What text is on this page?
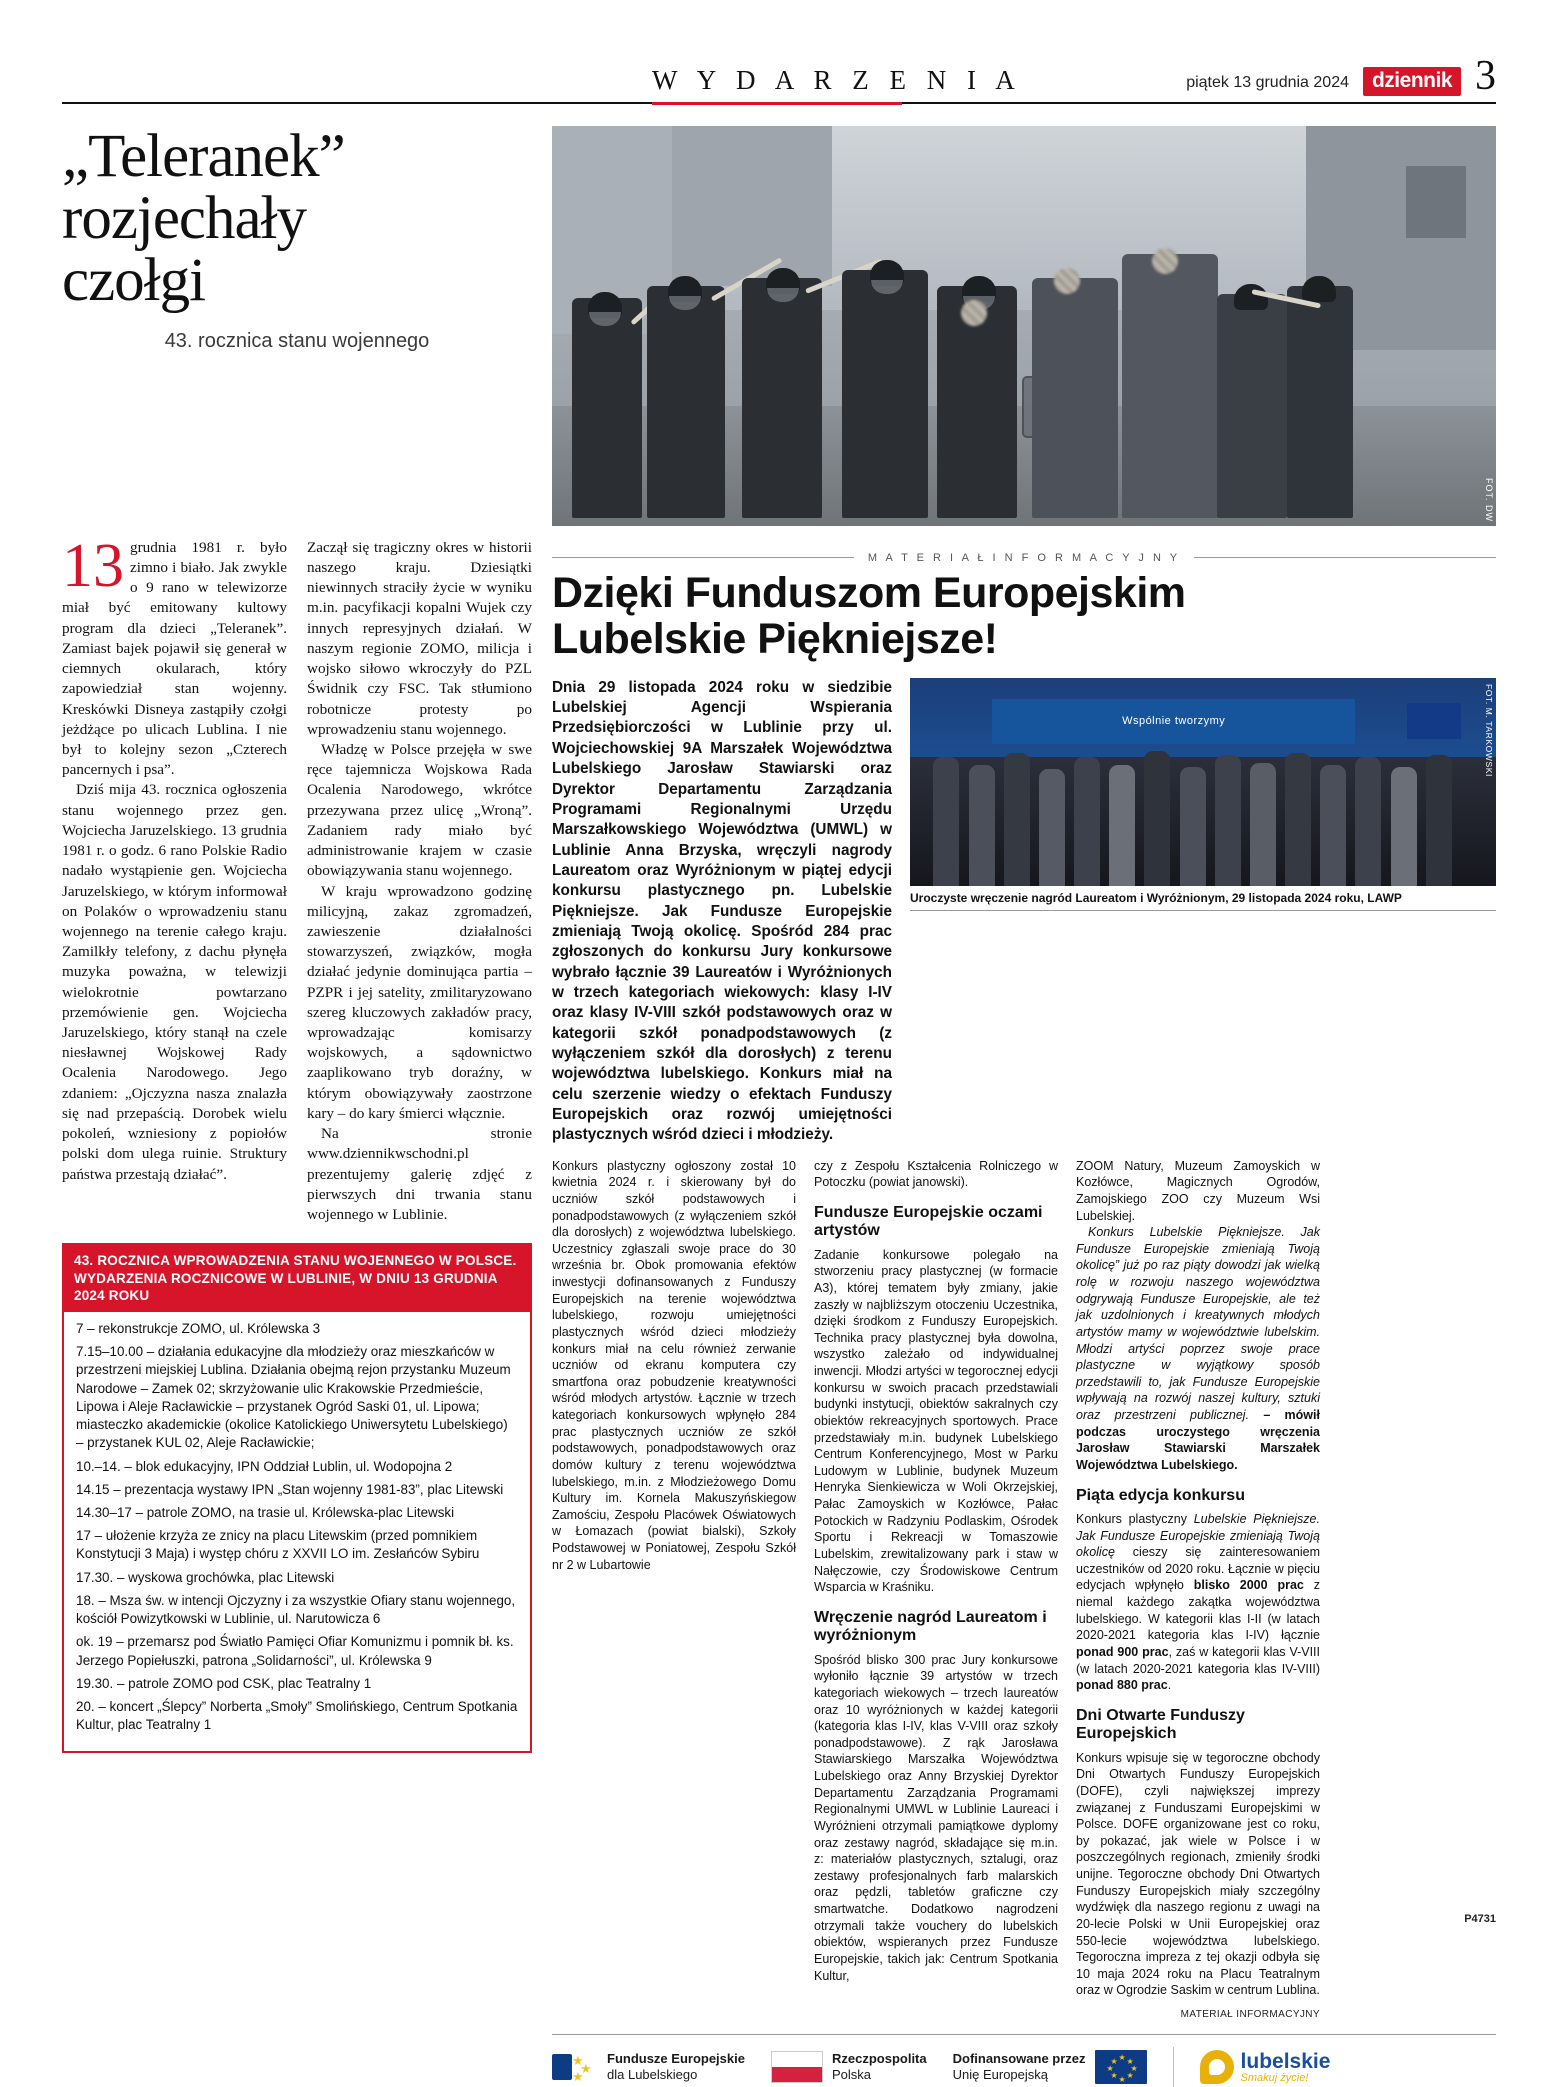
W Y D A R Z E N I A	piątek 13 grudnia 2024	dziennik 3
„Teleranek”
rozjechały
czołgi

43. rocznica stanu wojennego

FOT. DW

13 grudnia 1981 r. było zimno i biało. Jak zwykle o 9 rano w telewizorze miał być emitowany kultowy program dla dzieci „Teleranek”. Zamiast bajek pojawił się generał w ciemnych okularach, który zapowiedział stan wojenny. Kreskówki Disneya zastąpiły czołgi jeżdżące po ulicach Lublina. I nie był to kolejny sezon „Czterech pancernych i psa”.

Dziś mija 43. rocznica ogłoszenia stanu wojennego przez gen. Wojciecha Jaruzelskiego. 13 grudnia 1981 r. o godz. 6 rano Polskie Radio nadało wystąpienie gen. Wojciecha Jaruzelskiego, w którym informował on Polaków o wprowadzeniu stanu wojennego na terenie całego kraju. Zamilkły telefony, z dachu płynęła muzyka poważna, w telewizji wielokrotnie powtarzano przemówienie gen. Wojciecha Jaruzelskiego, który stanął na czele niesławnej Wojskowej Rady Ocalenia Narodowego. Jego zdaniem: „Ojczyzna nasza znalazła się nad przepaścią. Dorobek wielu pokoleń, wzniesiony z popiołów polski dom ulega ruinie. Struktury państwa przestają działać”.

Zaczął się tragiczny okres w historii naszego kraju. Dziesiątki niewinnych straciły życie w wyniku m.in. pacyfikacji kopalni Wujek czy innych represyjnych działań. W naszym regionie ZOMO, milicja i wojsko siłowo wkroczyły do PZL Świdnik czy FSC. Tak stłumiono robotnicze protesty po wprowadzeniu stanu wojennego.

Władzę w Polsce przejęła w swe ręce tajemnicza Wojskowa Rada Ocalenia Narodowego, wkrótce przezywana przez ulicę „Wroną”. Zadaniem rady miało być administrowanie krajem w czasie obowiązywania stanu wojennego.

W kraju wprowadzono godzinę milicyjną, zakaz zgromadzeń, zawieszenie działalności stowarzyszeń, związków, mogła działać jedynie dominująca partia – PZPR i jej satelity, zmilitaryzowano szereg kluczowych zakładów pracy, wprowadzając komisarzy wojskowych, a sądownictwo zaaplikowano tryb doraźny, w którym obowiązywały zaostrzone kary – do kary śmierci włącznie.

Na stronie www.dziennikwschodni.pl prezentujemy galerię zdjęć z pierwszych dni trwania stanu wojennego w Lublinie.

43. ROCZNICA WPROWADZENIA STANU WOJENNEGO W POLSCE. WYDARZENIA ROCZNICOWE W LUBLINIE, W DNIU 13 GRUDNIA 2024 ROKU
7 – rekonstrukcje ZOMO, ul. Królewska 3
7.15–10.00 – działania edukacyjne dla młodzieży oraz mieszkańców w przestrzeni miejskiej Lublina. Działania obejmą rejon przystanku Muzeum Narodowe – Zamek 02; skrzyżowanie ulic Krakowskie Przedmieście, Lipowa i Aleje Racławickie – przystanek Ogród Saski 01, ul. Lipowa; miasteczko akademickie (okolice Katolickiego Uniwersytetu Lubelskiego) – przystanek KUL 02, Aleje Racławickie;
10.–14. – blok edukacyjny, IPN Oddział Lublin, ul. Wodopojna 2
14.15 – prezentacja wystawy IPN „Stan wojenny 1981-83”, plac Litewski
14.30–17 – patrole ZOMO, na trasie ul. Królewska-plac Litewski
17 – ułożenie krzyża ze znicy na placu Litewskim (przed pomnikiem Konstytucji 3 Maja) i występ chóru z XXVII LO im. Zesłańców Sybiru
17.30. – wyskowa grochówka, plac Litewski
18. – Msza św. w intencji Ojczyzny i za wszystkie Ofiary stanu wojennego, kościół Powizytkowski w Lublinie, ul. Narutowicza 6
ok. 19 – przemarsz pod Światło Pamięci Ofiar Komunizmu i pomnik bł. ks. Jerzego Popiełuszki, patrona „Solidarności”, ul. Królewska 9
19.30. – patrole ZOMO pod CSK, plac Teatralny 1
20. – koncert „Ślepcy” Norberta „Smoły” Smolińskiego, Centrum Spotkania Kultur, plac Teatralny 1
M A T E R I A Ł I N F O R M A C Y J N Y
Dzięki Funduszom Europejskim
Lubelskie Piękniejsze!
Dnia 29 listopada 2024 roku w siedzibie Lubelskiej Agencji Wspierania Przedsiębiorczości w Lublinie przy ul. Wojciechowskiej 9A Marszałek Województwa Lubelskiego Jarosław Stawiarski oraz Dyrektor Departamentu Zarządzania Programami Regionalnymi Urzędu Marszałkowskiego Województwa (UMWL) w Lublinie Anna Brzyska, wręczyli nagrody Laureatom oraz Wyróżnionym w piątej edycji konkursu plastycznego pn. Lubelskie Piękniejsze. Jak Fundusze Europejskie zmieniają Twoją okolicę. Spośród 284 prac zgłoszonych do konkursu Jury konkursowe wybrało łącznie 39 Laureatów i Wyróżnionych w trzech kategoriach wiekowych: klasy I-IV oraz klasy IV-VIII szkół podstawowych oraz w kategorii szkół ponadpodstawowych (z wyłączeniem szkół dla dorosłych) z terenu województwa lubelskiego. Konkurs miał na celu szerzenie wiedzy o efektach Funduszy Europejskich oraz rozwój umiejętności plastycznych wśród dzieci i młodzieży.
Wspólnie tworzymy	FOT. M. TARKOWSKI
Uroczyste wręczenie nagród Laureatom i Wyróżnionym, 29 listopada 2024 roku, LAWP

Konkurs plastyczny ogłoszony został 10 kwietnia 2024 r. i skierowany był do uczniów szkół podstawowych i ponadpodstawowych (z wyłączeniem szkół dla dorosłych) z województwa lubelskiego. Uczestnicy zgłaszali swoje prace do 30 września br. Obok promowania efektów inwestycji dofinansowanych z Funduszy Europejskich na terenie województwa lubelskiego, rozwoju umiejętności plastycznych wśród dzieci młodzieży konkurs miał na celu również zerwanie uczniów od ekranu komputera czy smartfona oraz pobudzenie kreatywności wśród młodych artystów. Łącznie w trzech kategoriach konkursowych wpłynęło 284 prac plastycznych uczniów ze szkół podstawowych, ponadpodstawowych oraz domów kultury z terenu województwa lubelskiego, m.in. z Młodzieżowego Domu Kultury im. Kornela Makuszyńskiegow Zamościu, Zespołu Placówek Oświatowych w Łomazach (powiat bialski), Szkoły Podstawowej w Poniatowej, Zespołu Szkół nr 2 w Lubartowie

czy z Zespołu Kształcenia Rolniczego w Potoczku (powiat janowski).

Fundusze Europejskie oczami artystów

Zadanie konkursowe polegało na stworzeniu pracy plastycznej (w formacie A3), której tematem były zmiany, jakie zaszły w najbliższym otoczeniu Uczestnika, dzięki środkom z Funduszy Europejskich. Technika pracy plastycznej była dowolna, wszystko zależało od indywidualnej inwencji. Młodzi artyści w tegorocznej edycji konkursu w swoich pracach przedstawiali budynki instytucji, obiektów sakralnych czy obiektów rekreacyjnych sportowych. Prace przedstawiały m.in. budynek Lubelskiego Centrum Konferencyjnego, Most w Parku Ludowym w Lublinie, budynek Muzeum Henryka Sienkiewicza w Woli Okrzejskiej, Pałac Zamoyskich w Kozłówce, Pałac Potockich w Radzyniu Podlaskim, Ośrodek Sportu i Rekreacji w Tomaszowie Lubelskim, zrewitalizowany park i staw w Nałęczowie, czy Środowiskowe Centrum Wsparcia w Kraśniku.

Wręczenie nagród Laureatom i wyróżnionym

Spośród blisko 300 prac Jury konkursowe wyłoniło łącznie 39 artystów w trzech kategoriach wiekowych – trzech laureatów oraz 10 wyróżnionych w każdej kategorii (kategoria klas I-IV, klas V-VIII oraz szkoły ponadpodstawowe). Z rąk Jarosława Stawiarskiego Marszałka Województwa Lubelskiego oraz Anny Brzyskiej Dyrektor Departamentu Zarządzania Programami Regionalnymi UMWL w Lublinie Laureaci i Wyróżnieni otrzymali pamiątkowe dyplomy oraz zestawy nagród, składające się m.in. z: materiałów plastycznych, sztalugi, oraz zestawy profesjonalnych farb malarskich oraz pędzli, tabletów graficzne czy smartwatche. Dodatkowo nagrodzeni otrzymali także vouchery do lubelskich obiektów, wspieranych przez Fundusze Europejskie, takich jak: Centrum Spotkania Kultur,

ZOOM Natury, Muzeum Zamoyskich w Kozłówce, Magicznych Ogrodów, Zamojskiego ZOO czy Muzeum Wsi Lubelskiej.

Konkurs Lubelskie Piękniejsze. Jak Fundusze Europejskie zmieniają Twoją okolicę” już po raz piąty dowodzi jak wielką rolę w rozwoju naszego województwa odgrywają Fundusze Europejskie, ale też jak uzdolnionych i kreatywnych młodych artystów mamy w województwie lubelskim. Młodzi artyści poprzez swoje prace plastyczne w wyjątkowy sposób przedstawili to, jak Fundusze Europejskie wpływają na rozwój naszej kultury, sztuki oraz przestrzeni publicznej. – mówił podczas uroczystego wręczenia Jarosław Stawiarski Marszałek Województwa Lubelskiego.

Piąta edycja konkursu

Konkurs plastyczny Lubelskie Piękniejsze. Jak Fundusze Europejskie zmieniają Twoją okolicę cieszy się zainteresowaniem uczestników od 2020 roku. Łącznie w pięciu edycjach wpłynęło blisko 2000 prac z niemal każdego zakątka województwa lubelskiego. W kategorii klas I-II (w latach 2020-2021 kategoria klas I-IV) łącznie ponad 900 prac, zaś w kategorii klas V-VIII (w latach 2020-2021 kategoria klas IV-VIII) ponad 880 prac.

Dni Otwarte Funduszy Europejskich

Konkurs wpisuje się w tegoroczne obchody Dni Otwartych Funduszy Europejskich (DOFE), czyli największej imprezy związanej z Funduszami Europejskimi w Polsce. DOFE organizowane jest co roku, by pokazać, jak wiele w Polsce i w poszczególnych regionach, zmieniły środki unijne. Tegoroczne obchody Dni Otwartych Funduszy Europejskich miały szczególny wydźwięk dla naszego regionu z uwagi na 20-lecie Polski w Unii Europejskiej oraz 550-lecie województwa lubelskiego. Tegoroczna impreza z tej okazji odbyła się 10 maja 2024 roku na Placu Teatralnym oraz w Ogrodzie Saskim w centrum Lublina.

MATERIAŁ INFORMACYJNY
★
★
★
Fundusze Europejskie
dla Lubelskiego
Rzeczpospolita
Polska
Dofinansowane przez
Unię Europejską
★ ★
★
★
★
★
★
★	lubelskie
Smakuj życie!
P4731
